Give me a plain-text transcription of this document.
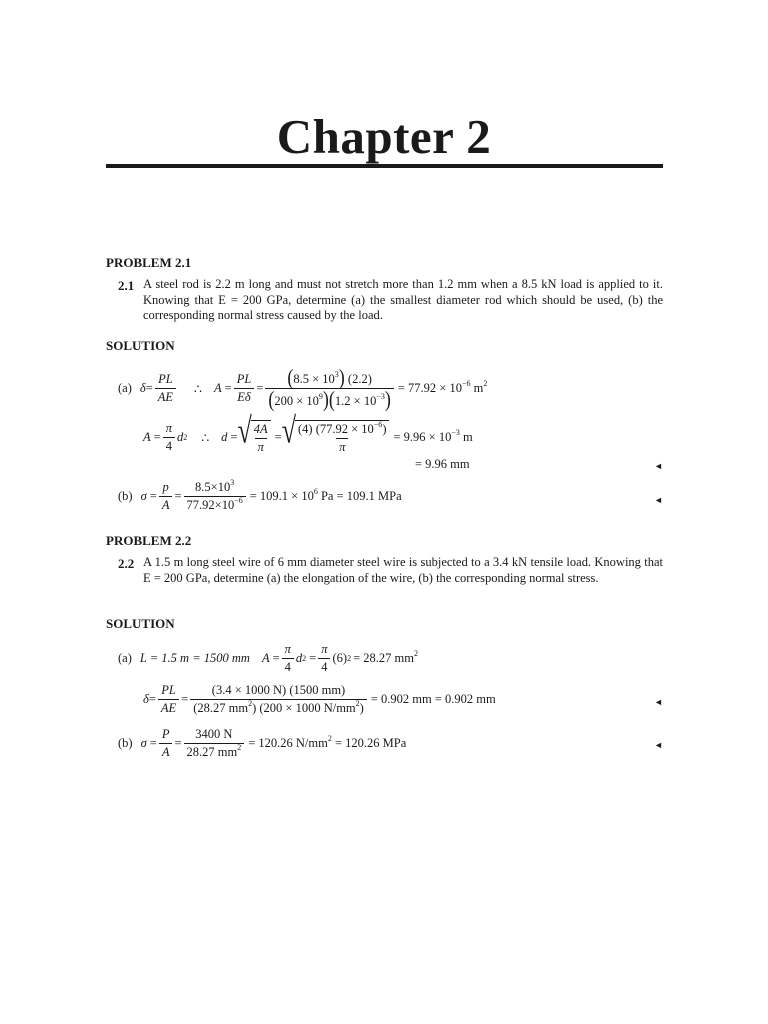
Chapter 2
PROBLEM 2.1
2.1 A steel rod is 2.2 m long and must not stretch more than 1.2 mm when a 8.5 kN load is applied to it. Knowing that E = 200 GPa, determine (a) the smallest diameter rod which should be used, (b) the corresponding normal stress caused by the load.
SOLUTION
(a) $\delta = \frac{PL}{AE}$ ∴ $A = \frac{PL}{E\delta} = \frac{(8.5 \times 10^3) (2.2)}{(200 \times 10^9)(1.2 \times 10^{-3})} = 77.92 \times 10^{-6}$ $m^2$
$A = \frac{\pi}{4}$ d 2 ∴ d = √ $\frac{4A}{\pi}$ = √ $\frac{(4) (77.92 \times 10^{-6})}{\pi} = 9.96 \times 10^{-3}$ m
= 9.96 mm	◄
(b) $\sigma = \frac{p}{A} = \frac{8.5\times 10^3}{77.92\times 10^{-6}} = 109.1 \times 10^6$ Pa = 109.1 MPa	◄
PROBLEM 2.2
2.2 A 1.5 m long steel wire of 6 mm diameter steel wire is subjected to a 3.4 kN tensile load. Knowing that E = 200 GPa, determine (a) the elongation of the wire, (b) the corresponding normal stress.
SOLUTION
(a) L = 1.5 m = 1500 mm $A = \frac{\pi}{4}$ d $2 = \frac{\pi}{4} (6) 2 = 28.27$ $mm^2$
$\delta = \frac{PL}{AE} = \frac{(3.4 \times 1000 N) (1500 mm)}{(28.27 mm^2) (200 \times 1000 N/mm^2)} = 0.902$ mm = 0.902 mm	◄
(b) $\sigma = \frac{P}{A} = \frac{3400 N}{28.27 mm^2} = 120.26$ $N/mm^2 = 120.26$ MPa	◄
